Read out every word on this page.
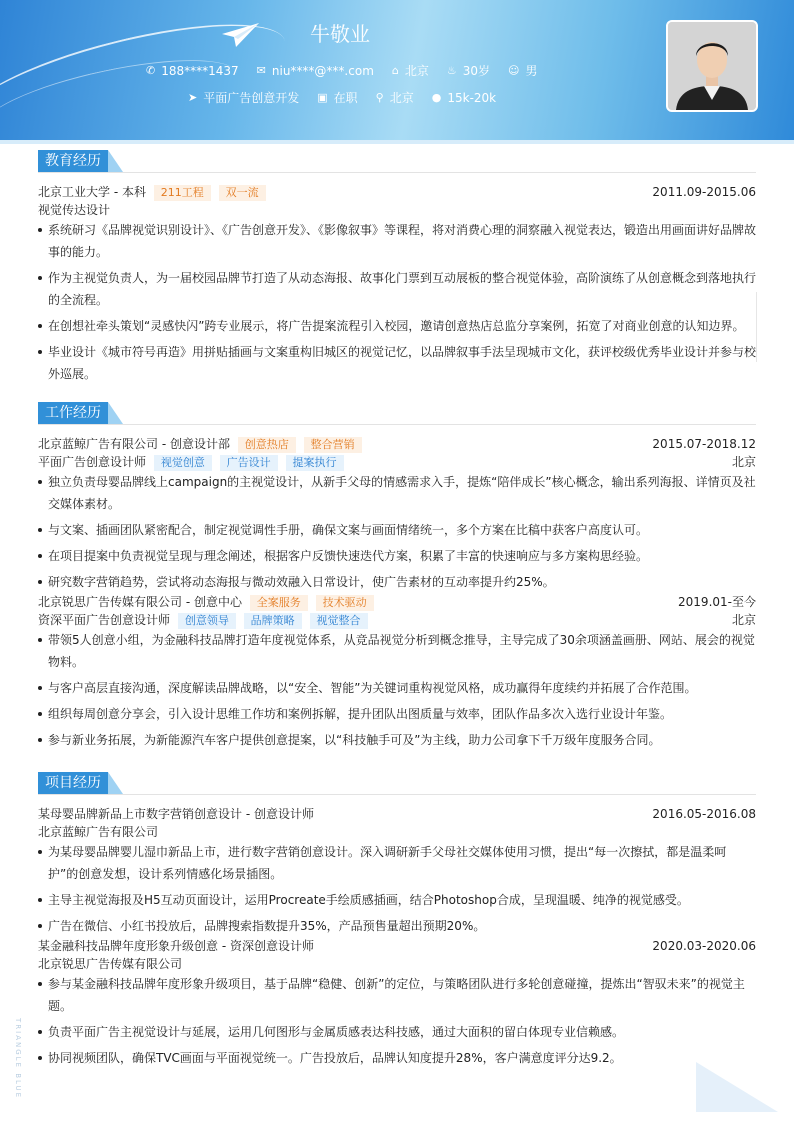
牛敬业
✆ 188****1437 ✉ niu****@***.com ⌂ 北京 ♨ 30岁 ☺ 男
➤ 平面广告创意开发 ▣ 在职 ⚲ 北京 ● 15k-20k
教育经历
北京工业大学 - 本科 211工程 双一流	2011.09-2015.06
视觉传达设计
系统研习《品牌视觉识别设计》、《广告创意开发》、《影像叙事》等课程，将对消费心理的洞察融入视觉表达，锻造出用画面讲好品牌故事的能力。
作为主视觉负责人，为一届校园品牌节打造了从动态海报、故事化门票到互动展板的整合视觉体验，高阶演练了从创意概念到落地执行的全流程。
在创想社牵头策划“灵感快闪”跨专业展示，将广告提案流程引入校园，邀请创意热店总监分享案例，拓宽了对商业创意的认知边界。
毕业设计《城市符号再造》用拼贴插画与文案重构旧城区的视觉记忆，以品牌叙事手法呈现城市文化，获评校级优秀毕业设计并参与校外巡展。
工作经历
北京蓝鲸广告有限公司 - 创意设计部 创意热店 整合营销	2015.07-2018.12
平面广告创意设计师 视觉创意 广告设计 提案执行	北京
独立负责母婴品牌线上campaign的主视觉设计，从新手父母的情感需求入手，提炼“陪伴成长”核心概念，输出系列海报、详情页及社交媒体素材。
与文案、插画团队紧密配合，制定视觉调性手册，确保文案与画面情绪统一，多个方案在比稿中获客户高度认可。
在项目提案中负责视觉呈现与理念阐述，根据客户反馈快速迭代方案，积累了丰富的快速响应与多方案构思经验。
研究数字营销趋势，尝试将动态海报与微动效融入日常设计，使广告素材的互动率提升约25%。
北京锐思广告传媒有限公司 - 创意中心 全案服务 技术驱动	2019.01-至今
资深平面广告创意设计师 创意领导 品牌策略 视觉整合	北京
带领5人创意小组，为金融科技品牌打造年度视觉体系，从竞品视觉分析到概念推导，主导完成了30余项涵盖画册、网站、展会的视觉物料。
与客户高层直接沟通，深度解读品牌战略，以“安全、智能”为关键词重构视觉风格，成功赢得年度续约并拓展了合作范围。
组织每周创意分享会，引入设计思维工作坊和案例拆解，提升团队出图质量与效率，团队作品多次入选行业设计年鉴。
参与新业务拓展，为新能源汽车客户提供创意提案，以“科技触手可及”为主线，助力公司拿下千万级年度服务合同。
项目经历
某母婴品牌新品上市数字营销创意设计 - 创意设计师	2016.05-2016.08
北京蓝鲸广告有限公司
为某母婴品牌婴儿湿巾新品上市，进行数字营销创意设计。深入调研新手父母社交媒体使用习惯，提出“每一次擦拭，都是温柔呵护”的创意发想，设计系列情感化场景插图。
主导主视觉海报及H5互动页面设计，运用Procreate手绘质感插画，结合Photoshop合成，呈现温暖、纯净的视觉感受。
广告在微信、小红书投放后，品牌搜索指数提升35%，产品预售量超出预期20%。
某金融科技品牌年度形象升级创意 - 资深创意设计师	2020.03-2020.06
北京锐思广告传媒有限公司
参与某金融科技品牌年度形象升级项目，基于品牌“稳健、创新”的定位，与策略团队进行多轮创意碰撞，提炼出“智驭未来”的视觉主题。
负责平面广告主视觉设计与延展，运用几何图形与金属质感表达科技感，通过大面积的留白体现专业信赖感。
协同视频团队，确保TVC画面与平面视觉统一。广告投放后，品牌认知度提升28%，客户满意度评分达9.2。
TRIANGLE BLUE
